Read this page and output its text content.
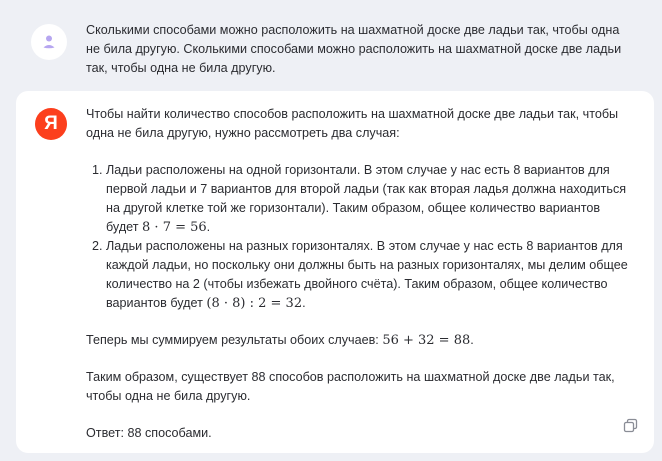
Сколькими способами можно расположить на шахматной доске две ладьи так, чтобы одна не била другую. Сколькими способами можно расположить на шахматной доске две ладьи так, чтобы одна не била другую.

Я	Чтобы найти количество способов расположить на шахматной доске две ладьи так, чтобы одна не била другую, нужно рассмотреть два случая:

1. Ладьи расположены на одной горизонтали. В этом случае у нас есть 8 вариантов для первой ладьи и 7 вариантов для второй ладьи (так как вторая ладья должна находиться на другой клетке той же горизонтали). Таким образом, общее количество вариантов будет 8 · 7 = 56.
2. Ладьи расположены на разных горизонталях. В этом случае у нас есть 8 вариантов для каждой ладьи, но поскольку они должны быть на разных горизонталях, мы делим общее количество на 2 (чтобы избежать двойного счёта). Таким образом, общее количество вариантов будет (8 · 8) : 2 = 32.

Теперь мы суммируем результаты обоих случаев: 56 + 32 = 88.

Таким образом, существует 88 способов расположить на шахматной доске две ладьи так, чтобы одна не била другую.

Ответ: 88 способами.
